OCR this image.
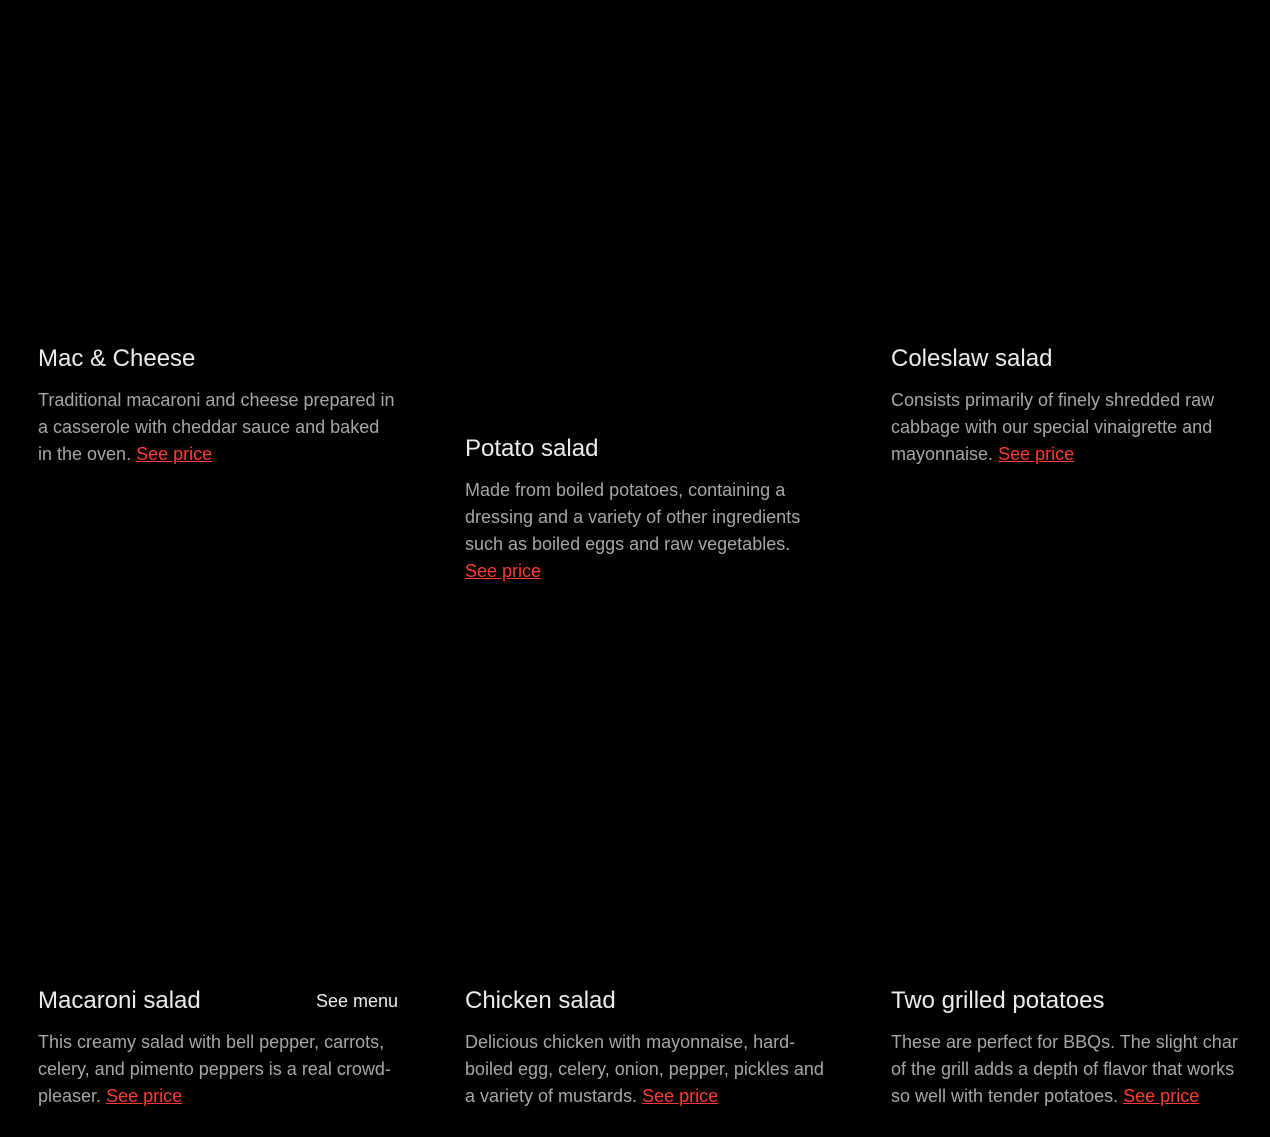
Mac & Cheese

Traditional macaroni and cheese prepared in a casserole with cheddar sauce and baked in the oven. See price	Potato salad

Made from boiled potatoes, containing a dressing and a variety of other ingredients such as boiled eggs and raw vegetables. See price

Coleslaw salad

Consists primarily of finely shredded raw cabbage with our special vinaigrette and mayonnaise. See price

Macaroni salad	See menu

This creamy salad with bell pepper, carrots, celery, and pimento peppers is a real crowd-pleaser. See price

Chicken salad

Delicious chicken with mayonnaise, hard-boiled egg, celery, onion, pepper, pickles and a variety of mustards. See price

Two grilled potatoes

These are perfect for BBQs. The slight char of the grill adds a depth of flavor that works so well with tender potatoes. See price
